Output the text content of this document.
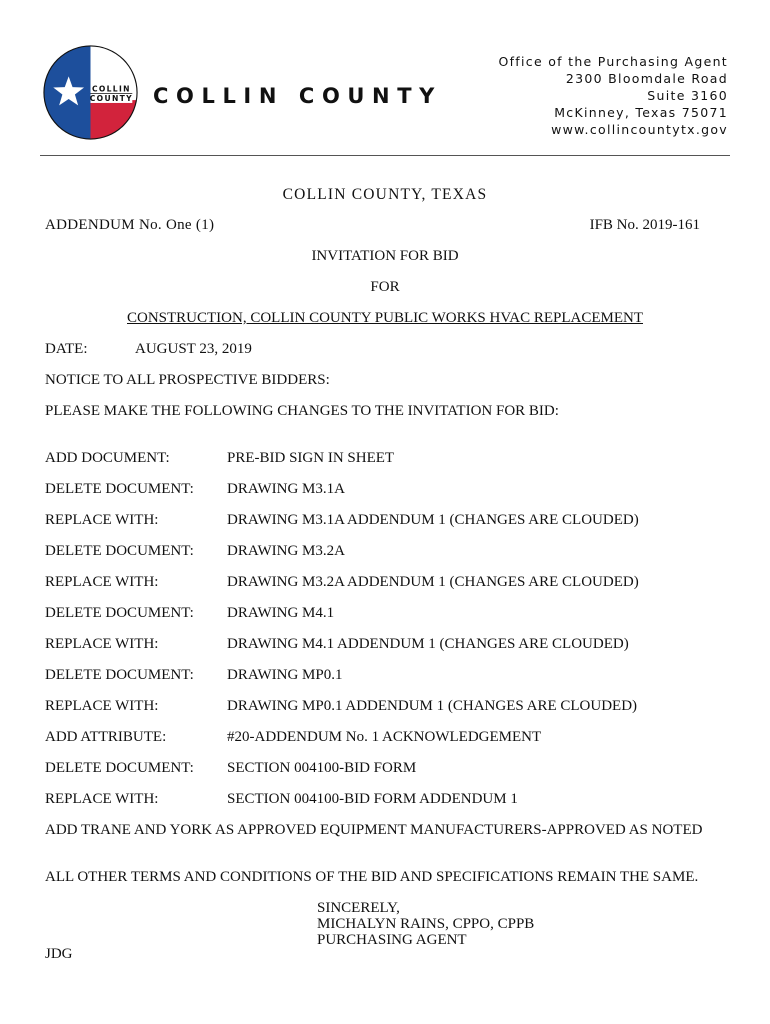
COLLIN
COUNTY COLLIN COUNTY
Office of the Purchasing Agent
2300 Bloomdale Road
Suite 3160
McKinney, Texas 75071
www.collincountytx.gov
COLLIN COUNTY, TEXAS
ADDENDUM No. One (1)	IFB No. 2019-161
INVITATION FOR BID
FOR
CONSTRUCTION, COLLIN COUNTY PUBLIC WORKS HVAC REPLACEMENT
DATE:	AUGUST 23, 2019
NOTICE TO ALL PROSPECTIVE BIDDERS:
PLEASE MAKE THE FOLLOWING CHANGES TO THE INVITATION FOR BID:
ADD DOCUMENT:	PRE-BID SIGN IN SHEET
DELETE DOCUMENT: DRAWING M3.1A
REPLACE WITH:	DRAWING M3.1A ADDENDUM 1 (CHANGES ARE CLOUDED)
DELETE DOCUMENT: DRAWING M3.2A
REPLACE WITH:	DRAWING M3.2A ADDENDUM 1 (CHANGES ARE CLOUDED)
DELETE DOCUMENT: DRAWING M4.1
REPLACE WITH:	DRAWING M4.1 ADDENDUM 1 (CHANGES ARE CLOUDED)
DELETE DOCUMENT: DRAWING MP0.1
REPLACE WITH:	DRAWING MP0.1 ADDENDUM 1 (CHANGES ARE CLOUDED)
ADD ATTRIBUTE:	#20-ADDENDUM No. 1 ACKNOWLEDGEMENT
DELETE DOCUMENT: SECTION 004100-BID FORM
REPLACE WITH:	SECTION 004100-BID FORM ADDENDUM 1
ADD TRANE AND YORK AS APPROVED EQUIPMENT MANUFACTURERS-APPROVED AS NOTED
ALL OTHER TERMS AND CONDITIONS OF THE BID AND SPECIFICATIONS REMAIN THE SAME.
SINCERELY,
MICHALYN RAINS, CPPO, CPPB
PURCHASING AGENT
JDG
